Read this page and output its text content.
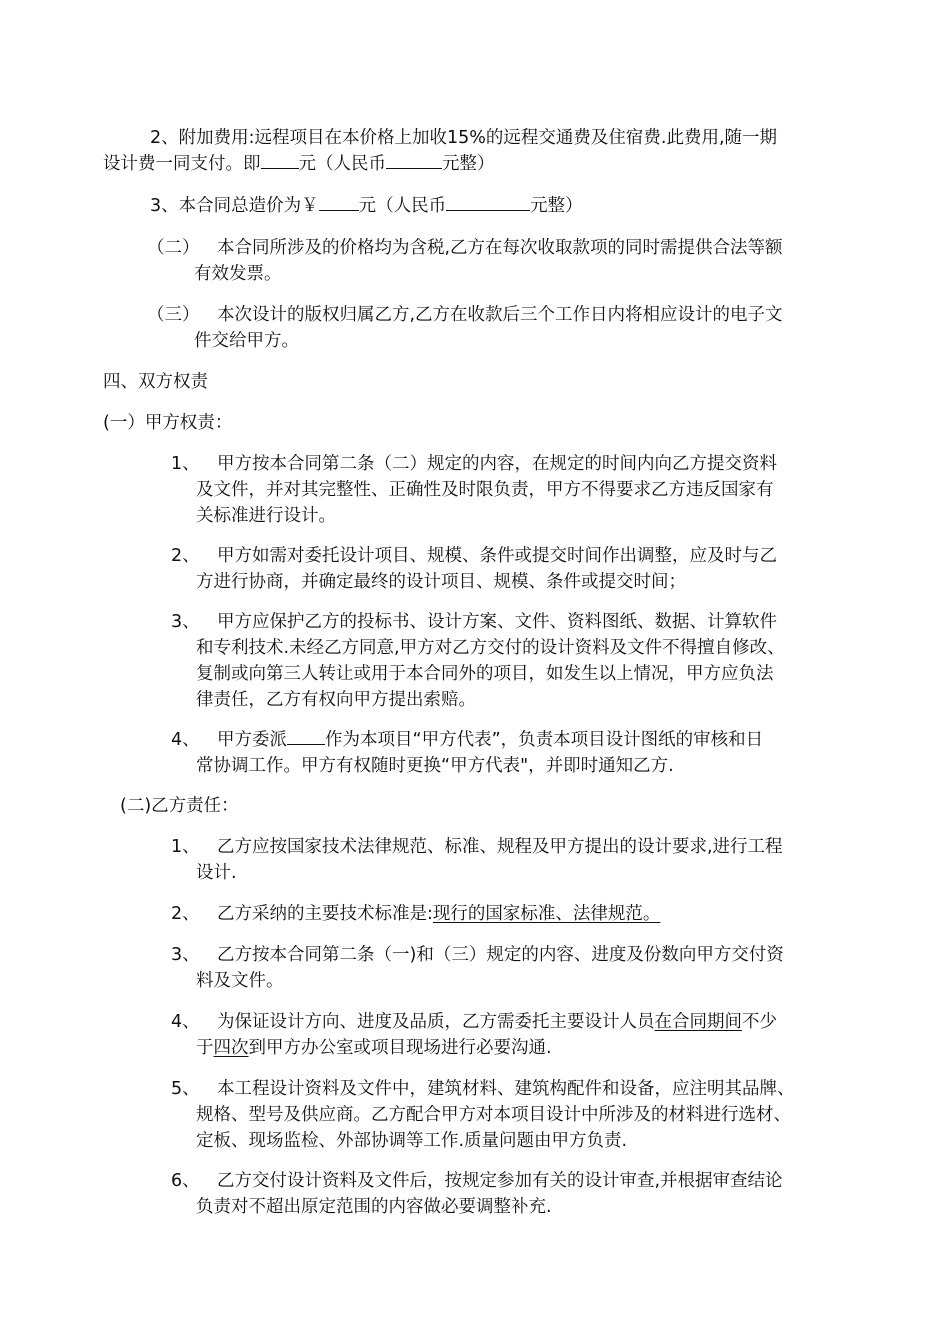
2、附加费用:远程项目在本价格上加收15%的远程交通费及住宿费.此费用,随一期
设计费一同支付。即 元（人民币	元整）
3、本合同总造价为￥ 元（人民币	元整）
（二） 本合同所涉及的价格均为含税,乙方在每次收取款项的同时需提供合法等额
有效发票。
（三） 本次设计的版权归属乙方,乙方在收款后三个工作日内将相应设计的电子文
件交给甲方。
四、双方权责
(一）甲方权责：
1、 甲方按本合同第二条（二）规定的内容，在规定的时间内向乙方提交资料
及文件，并对其完整性、正确性及时限负责，甲方不得要求乙方违反国家有
关标准进行设计。
2、 甲方如需对委托设计项目、规模、条件或提交时间作出调整，应及时与乙
方进行协商，并确定最终的设计项目、规模、条件或提交时间；
3、 甲方应保护乙方的投标书、设计方案、文件、资料图纸、数据、计算软件
和专利技术.未经乙方同意,甲方对乙方交付的设计资料及文件不得擅自修改、
复制或向第三人转让或用于本合同外的项目，如发生以上情况，甲方应负法
律责任，乙方有权向甲方提出索赔。
4、 甲方委派 作为本项目“甲方代表”，负责本项目设计图纸的审核和日
常协调工作。甲方有权随时更换“甲方代表"，并即时通知乙方.
(二)乙方责任：
1、 乙方应按国家技术法律规范、标准、规程及甲方提出的设计要求,进行工程
设计.
2、 乙方采纳的主要技术标准是:现行的国家标准、法律规范。
3、 乙方按本合同第二条（一)和（三）规定的内容、进度及份数向甲方交付资
料及文件。
4、 为保证设计方向、进度及品质，乙方需委托主要设计人员在合同期间不少
于四次到甲方办公室或项目现场进行必要沟通.
5、 本工程设计资料及文件中，建筑材料、建筑构配件和设备，应注明其品牌、
规格、型号及供应商。乙方配合甲方对本项目设计中所涉及的材料进行选材、
定板、现场监检、外部协调等工作.质量问题由甲方负责.
6、 乙方交付设计资料及文件后，按规定参加有关的设计审查,并根据审查结论
负责对不超出原定范围的内容做必要调整补充.
